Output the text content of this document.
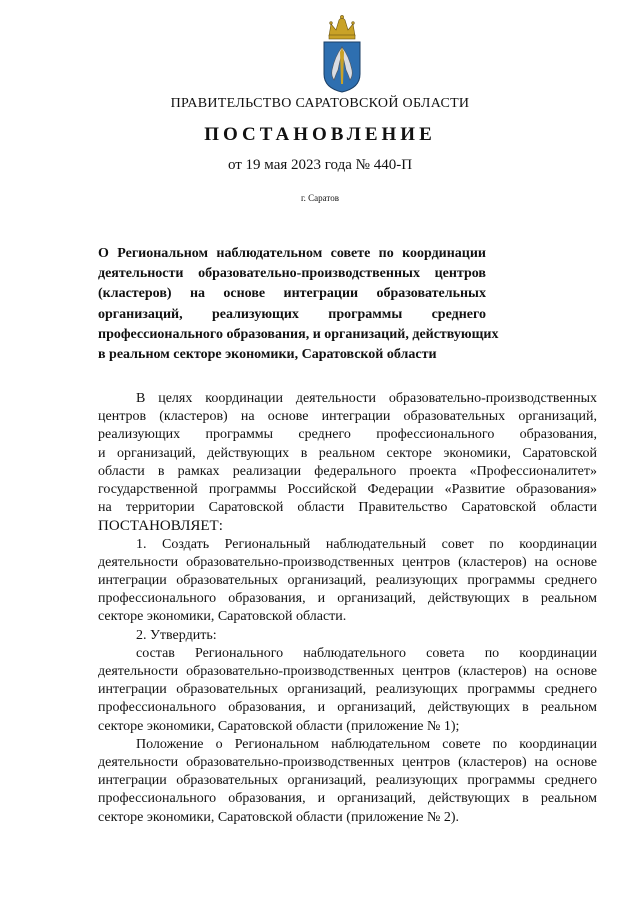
ПРАВИТЕЛЬСТВО САРАТОВСКОЙ ОБЛАСТИ
ПОСТАНОВЛЕНИЕ
от 19 мая 2023 года № 440-П
г. Саратов
О Региональном наблюдательном совете по координации
деятельности образовательно-производственных центров
(кластеров) на основе интеграции образовательных
организаций, реализующих программы среднего
профессионального образования, и организаций, действующих
в реальном секторе экономики, Саратовской области
В целях координации деятельности образовательно-производственных
центров (кластеров) на основе интеграции образовательных организаций,
реализующих программы среднего профессионального образования,
и организаций, действующих в реальном секторе экономики, Саратовской
области в рамках реализации федерального проекта «Профессионалитет»
государственной программы Российской Федерации «Развитие образования»
на территории Саратовской области Правительство Саратовской области
ПОСТАНОВЛЯЕТ:
1. Создать Региональный наблюдательный совет по координации
деятельности образовательно-производственных центров (кластеров) на основе
интеграции образовательных организаций, реализующих программы среднего
профессионального образования, и организаций, действующих в реальном
секторе экономики, Саратовской области.
2. Утвердить:
состав Регионального наблюдательного совета по координации
деятельности образовательно-производственных центров (кластеров) на основе
интеграции образовательных организаций, реализующих программы среднего
профессионального образования, и организаций, действующих в реальном
секторе экономики, Саратовской области (приложение № 1);
Положение о Региональном наблюдательном совете по координации
деятельности образовательно-производственных центров (кластеров) на основе
интеграции образовательных организаций, реализующих программы среднего
профессионального образования, и организаций, действующих в реальном
секторе экономики, Саратовской области (приложение № 2).
